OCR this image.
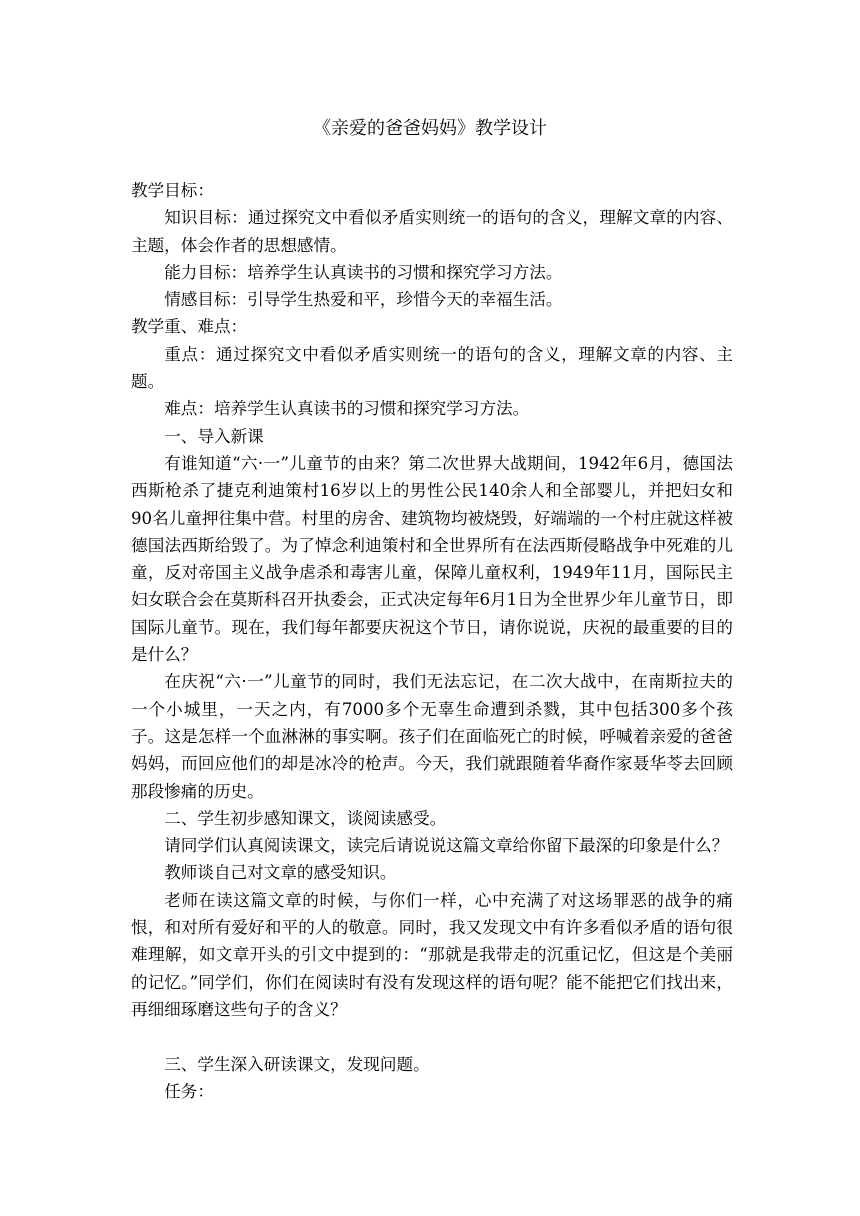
《亲爱的爸爸妈妈》教学设计

教学目标：

知识目标：通过探究文中看似矛盾实则统一的语句的含义，理解文章的内容、主题，体会作者的思想感情。

能力目标：培养学生认真读书的习惯和探究学习方法。

情感目标：引导学生热爱和平，珍惜今天的幸福生活。

教学重、难点：

重点：通过探究文中看似矛盾实则统一的语句的含义，理解文章的内容、主题。

难点：培养学生认真读书的习惯和探究学习方法。

一、导入新课

有谁知道“六·一”儿童节的由来？第二次世界大战期间，1942年6月，德国法西斯枪杀了捷克利迪策村16岁以上的男性公民140余人和全部婴儿，并把妇女和90名儿童押往集中营。村里的房舍、建筑物均被烧毁，好端端的一个村庄就这样被德国法西斯给毁了。为了悼念利迪策村和全世界所有在法西斯侵略战争中死难的儿童，反对帝国主义战争虐杀和毒害儿童，保障儿童权利，1949年11月，国际民主妇女联合会在莫斯科召开执委会，正式决定每年6月1日为全世界少年儿童节日，即国际儿童节。现在，我们每年都要庆祝这个节日，请你说说，庆祝的最重要的目的是什么？

在庆祝“六·一”儿童节的同时，我们无法忘记，在二次大战中，在南斯拉夫的一个小城里，一天之内，有7000多个无辜生命遭到杀戮，其中包括300多个孩子。这是怎样一个血淋淋的事实啊。孩子们在面临死亡的时候，呼喊着亲爱的爸爸妈妈，而回应他们的却是冰冷的枪声。今天，我们就跟随着华裔作家聂华苓去回顾那段惨痛的历史。

二、学生初步感知课文，谈阅读感受。

请同学们认真阅读课文，读完后请说说这篇文章给你留下最深的印象是什么？

教师谈自己对文章的感受知识。

老师在读这篇文章的时候，与你们一样，心中充满了对这场罪恶的战争的痛恨，和对所有爱好和平的人的敬意。同时，我又发现文中有许多看似矛盾的语句很难理解，如文章开头的引文中提到的：“那就是我带走的沉重记忆，但这是个美丽的记忆。”同学们，你们在阅读时有没有发现这样的语句呢？能不能把它们找出来，再细细琢磨这些句子的含义？

三、学生深入研读课文，发现问题。

任务：
